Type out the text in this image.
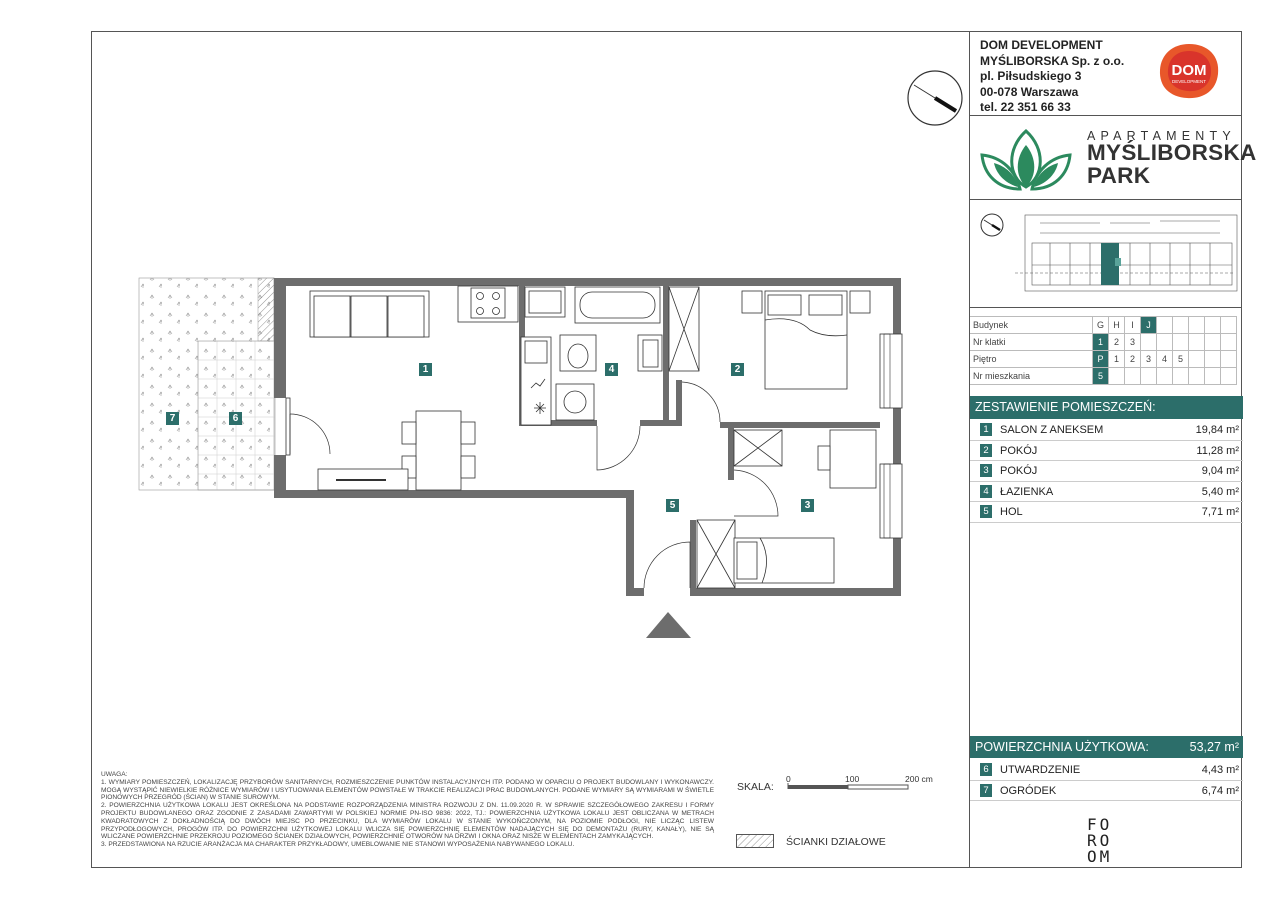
1	2
3
4
5
6
7
UWAGA:
1. WYMIARY POMIESZCZEŃ, LOKALIZACJĘ PRZYBORÓW SANITARNYCH, ROZMIESZCZENIE PUNKTÓW INSTALACYJNYCH ITP. PODANO W OPARCIU O PROJEKT BUDOWLANY I WYKONAWCZY. MOGĄ WYSTĄPIĆ NIEWIELKIE RÓŻNICE WYMIARÓW I USYTUOWANIA ELEMENTÓW POWSTAŁE W TRAKCIE REALIZACJI PRAC BUDOWLANYCH. PODANE WYMIARY SĄ WYMIARAMI W ŚWIETLE PIONOWYCH PRZEGRÓD (ŚCIAN) W STANIE SUROWYM.
2. POWIERZCHNIA UŻYTKOWA LOKALU JEST OKREŚLONA NA PODSTAWIE ROZPORZĄDZENIA MINISTRA ROZWOJU Z DN. 11.09.2020 R. W SPRAWIE SZCZEGÓŁOWEGO ZAKRESU I FORMY PROJEKTU BUDOWLANEGO ORAZ ZGODNIE Z ZASADAMI ZAWARTYMI W POLSKIEJ NORMIE PN-ISO 9836: 2022, TJ.: POWIERZCHNIA UŻYTKOWA LOKALU JEST OBLICZANA W METRACH KWADRATOWYCH Z DOKŁADNOŚCIĄ DO DWÓCH MIEJSC PO PRZECINKU, DLA WYMIARÓW LOKALU W STANIE WYKOŃCZONYM, NA POZIOMIE PODŁOGI, NIE LICZĄC LISTEW PRZYPODŁOGOWYCH, PROGÓW ITP. DO POWIERZCHNI UŻYTKOWEJ LOKALU WLICZA SIĘ POWIERZCHNIĘ ELEMENTÓW NADAJĄCYCH SIĘ DO DEMONTAŻU (RURY, KANAŁY), NIE SĄ WLICZANE POWIERZCHNIE PRZEKROJU POZIOMEGO ŚCIANEK DZIAŁOWYCH, POWIERZCHNIE OTWORÓW NA DRZWI I OKNA ORAZ NISZE W ELEMENTACH ZAMYKAJĄCYCH.
3. PRZEDSTAWIONA NA RZUCIE ARANŻACJA MA CHARAKTER PRZYKŁADOWY, UMEBLOWANIE NIE STANOWI WYPOSAŻENIA NABYWANEGO LOKALU.
SKALA:
0	100	200 cm
ŚCIANKI DZIAŁOWE
DOM DEVELOPMENT
MYŚLIBORSKA Sp. z o.o.
pl. Piłsudskiego 3
00-078 Warszawa
tel. 22 351 66 33
DOM
DEVELOPMENT
APARTAMENTY
MYŚLIBORSKA
PARK
Budynek	G	H	I	J					
Nr klatki	1	2	3						
Piętro	P	1	2	3	4	5			
Nr mieszkania	5								
ZESTAWIENIE POMIESZCZEŃ:
1	SALON Z ANEKSEM	19,84 m²
2	POKÓJ	11,28 m²
3	POKÓJ	9,04 m²
4	ŁAZIENKA	5,40 m²
5	HOL	7,71 m²
POWIERZCHNIA UŻYTKOWA:	53,27 m²
6	UTWARDZENIE	4,43 m²
7	OGRÓDEK	6,74 m²
FO
RO
OM
